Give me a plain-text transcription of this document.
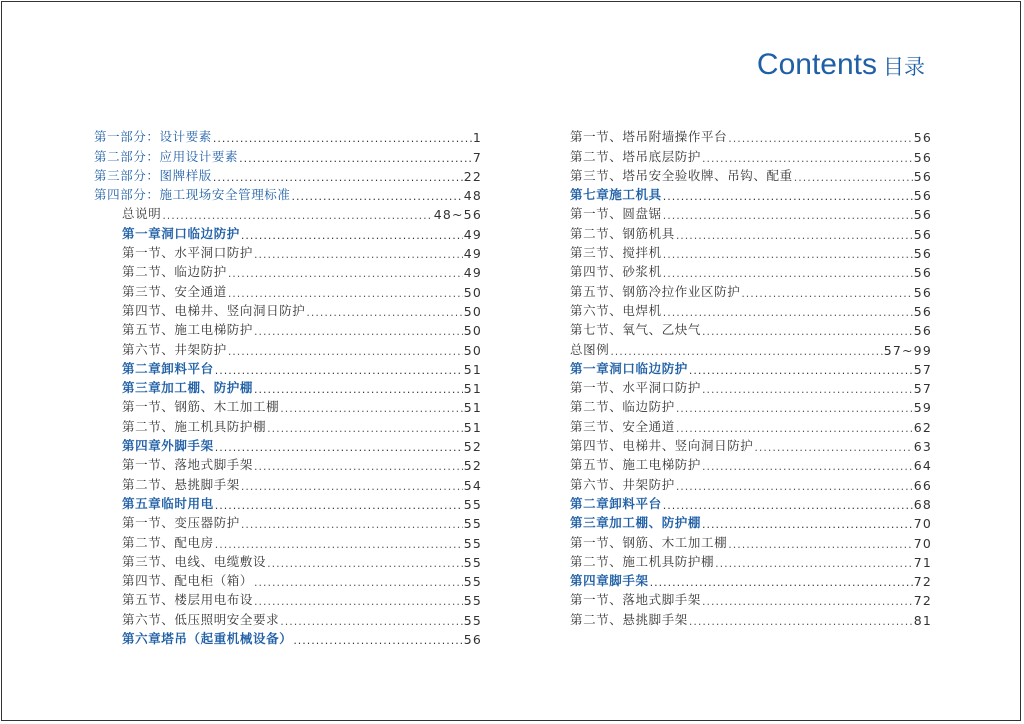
Contents 目录
第一部分：设计要素 .....	1
第二部分：应用设计要素 .....	7
第三部分：图牌样版 .....	22
第四部分：施工现场安全管理标准 .....	48
总说明 .....	48~56
第一章洞口临边防护 .....	49
第一节、水平洞口防护 .....	49
第二节、临边防护 .....	49
第三节、安全通道 .....	50
第四节、电梯井、竖向洞日防护 .....	50
第五节、施工电梯防护 .....	50
第六节、井架防护 .....	50
第二章卸料平台 .....	51
第三章加工棚、防护棚 .....	51
第一节、钢筋、木工加工棚 .....	51
第二节、施工机具防护棚 .....	51
第四章外脚手架 .....	52
第一节、落地式脚手架 .....	52
第二节、悬挑脚手架 .....	54
第五章临时用电 .....	55
第一节、变压器防护 .....	55
第二节、配电房 .....	55
第三节、电线、电缆敷设 .....	55
第四节、配电柜（箱） .....	55
第五节、楼层用电布设 .....	55
第六节、低压照明安全要求 .....	55
第六章塔吊（起重机械设备） .....	56
第一节、塔吊附墙操作平台 .....	56
第二节、塔吊底层防护 .....	56
第三节、塔吊安全验收牌、吊钩、配重 .....	56
第七章施工机具 .....	56
第一节、圆盘锯 .....	56
第二节、钢筋机具 .....	56
第三节、搅拌机 .....	56
第四节、砂浆机 .....	56
第五节、钢筋冷拉作业区防护 .....	56
第六节、电焊机 .....	56
第七节、氧气、乙炔气 .....	56
总图例 .....	57~99
第一章洞口临边防护 .....	57
第一节、水平洞口防护 .....	57
第二节、临边防护 .....	59
第三节、安全通道 .....	62
第四节、电梯井、竖向洞日防护 .....	63
第五节、施工电梯防护 .....	64
第六节、井架防护 .....	66
第二章卸料平台 .....	68
第三章加工棚、防护棚 .....	70
第一节、钢筋、木工加工棚 .....	70
第二节、施工机具防护棚 .....	71
第四章脚手架 .....	72
第一节、落地式脚手架 .....	72
第二节、悬挑脚手架 .....	81
